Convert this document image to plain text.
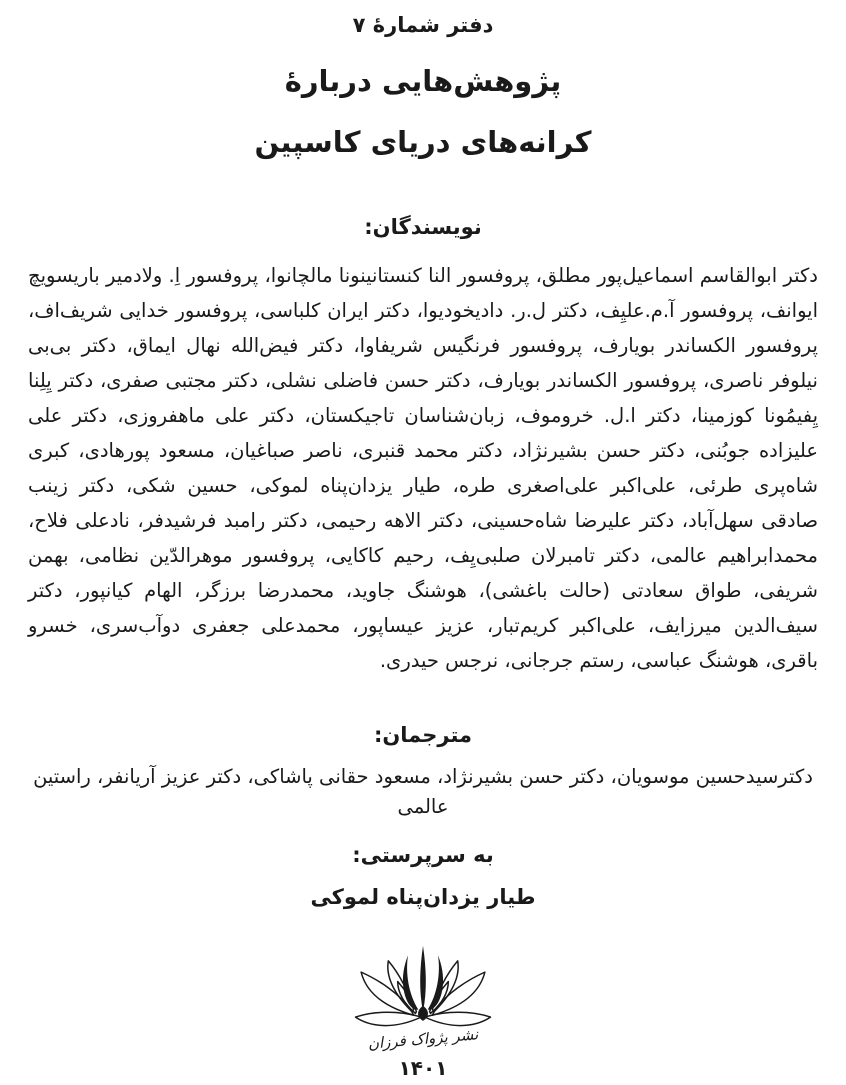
دفتر شمارۀ ۷
پژوهش‌هایی دربارۀ
کرانه‌های دریای کاسپین
نویسندگان:

دکتر ابوالقاسم اسماعیل‌پور مطلق، پروفسور النا کنستانینونا مالچانوا، پروفسور اِ. ولادمیر باریسویچ ایوانف، پروفسور آ.م.علیِف، دکتر ل.ر. دادیخودیوا، دکتر ایران کلباسی، پروفسور خدایی شریف‌اف، پروفسور الکساندر بویارف، پروفسور فرنگیس شریفاوا، دکتر فیض‌الله نهال ایماق، دکتر بی‌بی نیلوفر ناصری، پروفسور الکساندر بویارف، دکتر حسن فاضلی نشلی، دکتر مجتبی صفری، دکتر یِلِنا یِفیمُونا کوزمینا، دکتر ا.ل. خروموف، زبان‌شناسان تاجیکستان، دکتر علی ماهفروزی، دکتر علی علیزاده جوبُنی، دکتر حسن بشیرنژاد، دکتر محمد قنبری، ناصر صباغیان، مسعود پورهادی، کبری شاه‌پری طرئی، علی‌اکبر علی‌اصغری طره، طیار یزدان‌پناه لموکی، حسین شکی، دکتر زینب صادقی سهل‌آباد، دکتر علیرضا شاه‌حسینی، دکتر الاهه رحیمی، دکتر رامبد فرشیدفر، نادعلی فلاح، محمدابراهیم عالمی، دکتر تامبرلان صلبی‌یِف، رحیم کاکایی، پروفسور موهرالدّین نظامی، بهمن شریفی، طواق سعادتی (حالت باغشی)، هوشنگ جاوید، محمدرضا برزگر، الهام کیانپور، دکتر سیف‌الدین میرزایف، علی‌اکبر کریم‌تبار، عزیز عیساپور، محمدعلی جعفری دوآب‌سری، خسرو باقری، هوشنگ عباسی، رستم جرجانی، نرجس حیدری.

مترجمان:

دکترسیدحسین موسویان، دکتر حسن بشیرنژاد، مسعود حقانی پاشاکی، دکتر عزیز آریانفر، راستین عالمی

به سرپرستی:
طیار یزدان‌پناه لموکی
نشر پژواک فرزان
۱۴۰۱
